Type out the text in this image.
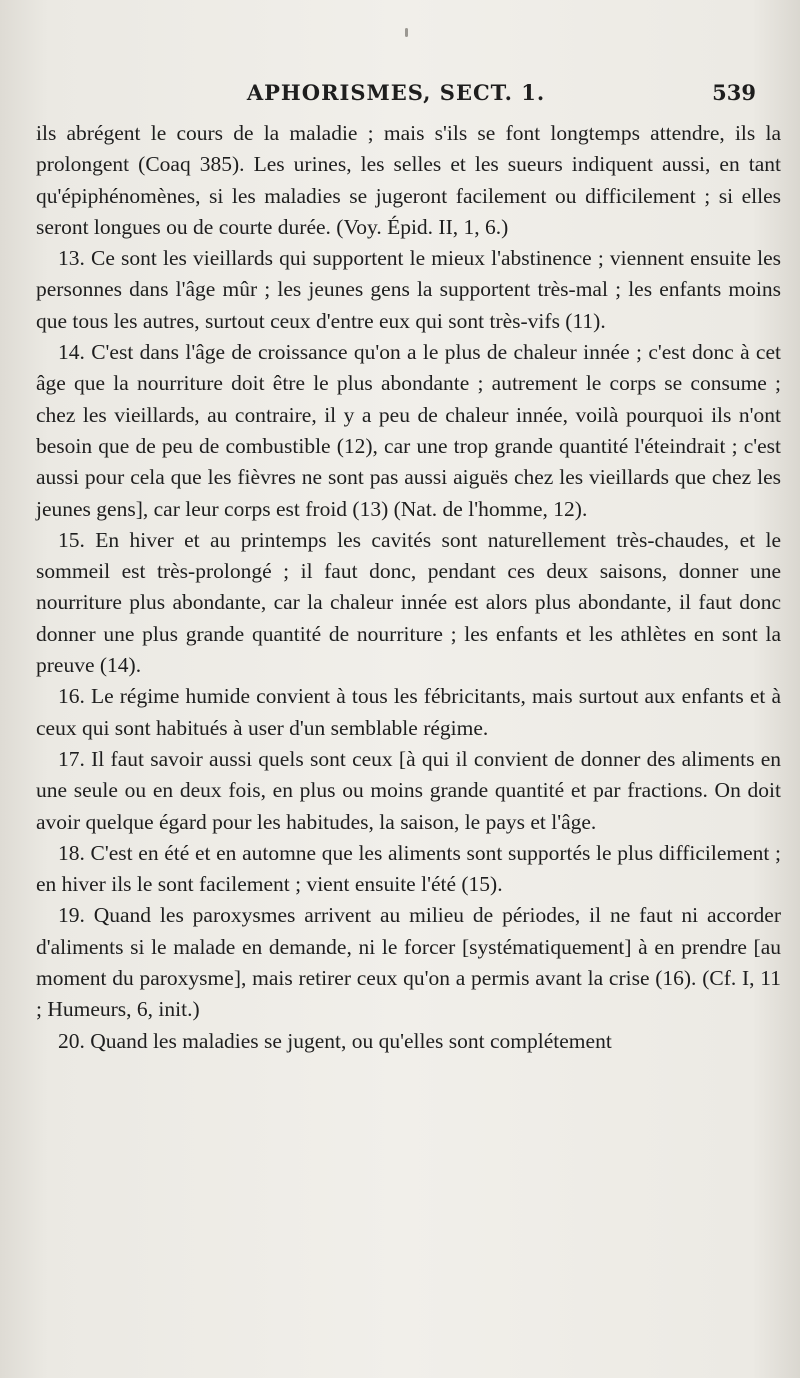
APHORISMES, SECT. 1.	539

ils abrégent le cours de la maladie ; mais s'ils se font longtemps attendre, ils la prolongent (Coaq 385). Les urines, les selles et les sueurs indiquent aussi, en tant qu'épiphénomènes, si les maladies se jugeront facilement ou difficilement ; si elles seront longues ou de courte durée. (Voy. Épid. II, 1, 6.)

13. Ce sont les vieillards qui supportent le mieux l'abstinence ; viennent ensuite les personnes dans l'âge mûr ; les jeunes gens la supportent très-mal ; les enfants moins que tous les autres, surtout ceux d'entre eux qui sont très-vifs (11).

14. C'est dans l'âge de croissance qu'on a le plus de chaleur innée ; c'est donc à cet âge que la nourriture doit être le plus abondante ; autrement le corps se consume ; chez les vieillards, au contraire, il y a peu de chaleur innée, voilà pourquoi ils n'ont besoin que de peu de combustible (12), car une trop grande quantité l'éteindrait ; c'est aussi pour cela que les fièvres ne sont pas aussi aiguës chez les vieillards que chez les jeunes gens], car leur corps est froid (13) (Nat. de l'homme, 12).

15. En hiver et au printemps les cavités sont naturellement très-chaudes, et le sommeil est très-prolongé ; il faut donc, pendant ces deux saisons, donner une nourriture plus abondante, car la chaleur innée est alors plus abondante, il faut donc donner une plus grande quantité de nourriture ; les enfants et les athlètes en sont la preuve (14).

16. Le régime humide convient à tous les fébricitants, mais surtout aux enfants et à ceux qui sont habitués à user d'un semblable régime.

17. Il faut savoir aussi quels sont ceux [à qui il convient de donner des aliments en une seule ou en deux fois, en plus ou moins grande quantité et par fractions. On doit avoir quelque égard pour les habitudes, la saison, le pays et l'âge.

18. C'est en été et en automne que les aliments sont supportés le plus difficilement ; en hiver ils le sont facilement ; vient ensuite l'été (15).

19. Quand les paroxysmes arrivent au milieu de périodes, il ne faut ni accorder d'aliments si le malade en demande, ni le forcer [systématiquement] à en prendre [au moment du paroxysme], mais retirer ceux qu'on a permis avant la crise (16). (Cf. I, 11 ; Humeurs, 6, init.)

20. Quand les maladies se jugent, ou qu'elles sont complétement
